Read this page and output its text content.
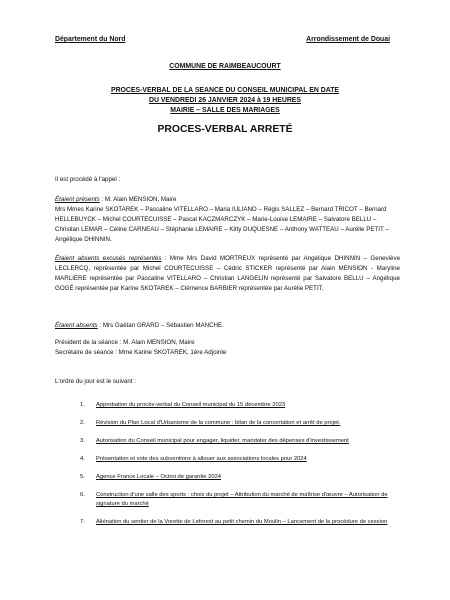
Département du Nord	Arrondissement de Douai
COMMUNE DE RAIMBEAUCOURT
PROCES-VERBAL DE LA SEANCE DU CONSEIL MUNICIPAL EN DATE
DU VENDREDI 26 JANVIER 2024 à 19 HEURES
MAIRIE – SALLE DES MARIAGES
PROCES-VERBAL ARRETÉ
Il est procédé à l'appel :
Étaient présents : M. Alain MENSION, Maire
Mrs Mmes Karine SKOTAREK – Pascaline VITELLARO – Maria IULIANO – Régis SALLEZ – Bernard TRICOT – Bernard HELLEBUYCK – Michel COURTECUISSE – Pascal KACZMARCZYK – Marie-Louise LEMAIRE – Salvatore BELLU – Christian LEMAR – Céline CARNEAU – Stéphanie LEMAIRE – Kitty DUQUESNE – Anthony WATTEAU – Aurélie PETIT – Angélique DHINNIN.
Étaient absents excusés représentés : Mme Mrs David MORTREUX représenté par Angélique DHINNIN – Geneviève LECLERCQ, représentée par Michel COURTECUISSE – Cédric STICKER représenté par Alain MENSION - Maryline MARLIERE représentée par Pascaline VITELLARO – Christian LANGELIN représenté par Salvatore BELLU – Angélique GOGÉ représentée par Karine SKOTAREK – Clémence BARBIER représentée par Aurélie PETIT.
Étaient absents : Mrs Gaëtan GRARD – Sébastien MANCHE.
Président de la séance : M. Alain MENSION, Maire
Secrétaire de séance : Mme Karine SKOTAREK, 1ère Adjointe
L'ordre du jour est le suivant :
1.	Approbation du procès-verbal du Conseil municipal du 15 décembre 2023
2.	Révision du Plan Local d'Urbanisme de la commune : bilan de la concertation et arrêt de projet.
3.	Autorisation du Conseil municipal pour engager, liquider, mandater des dépenses d'investissement
4.	Présentation et vote des subventions à allouer aux associations locales pour 2024
5.	Agence France Locale – Octroi de garantie 2024
6.	Construction d'une salle des sports : choix du projet – Attribution du marché de maîtrise d'œuvre – Autorisation de signature du marché
7.	Aliénation du sentier de la Vorette de Leforest au petit chemin du Moulin – Lancement de la procédure de cession
